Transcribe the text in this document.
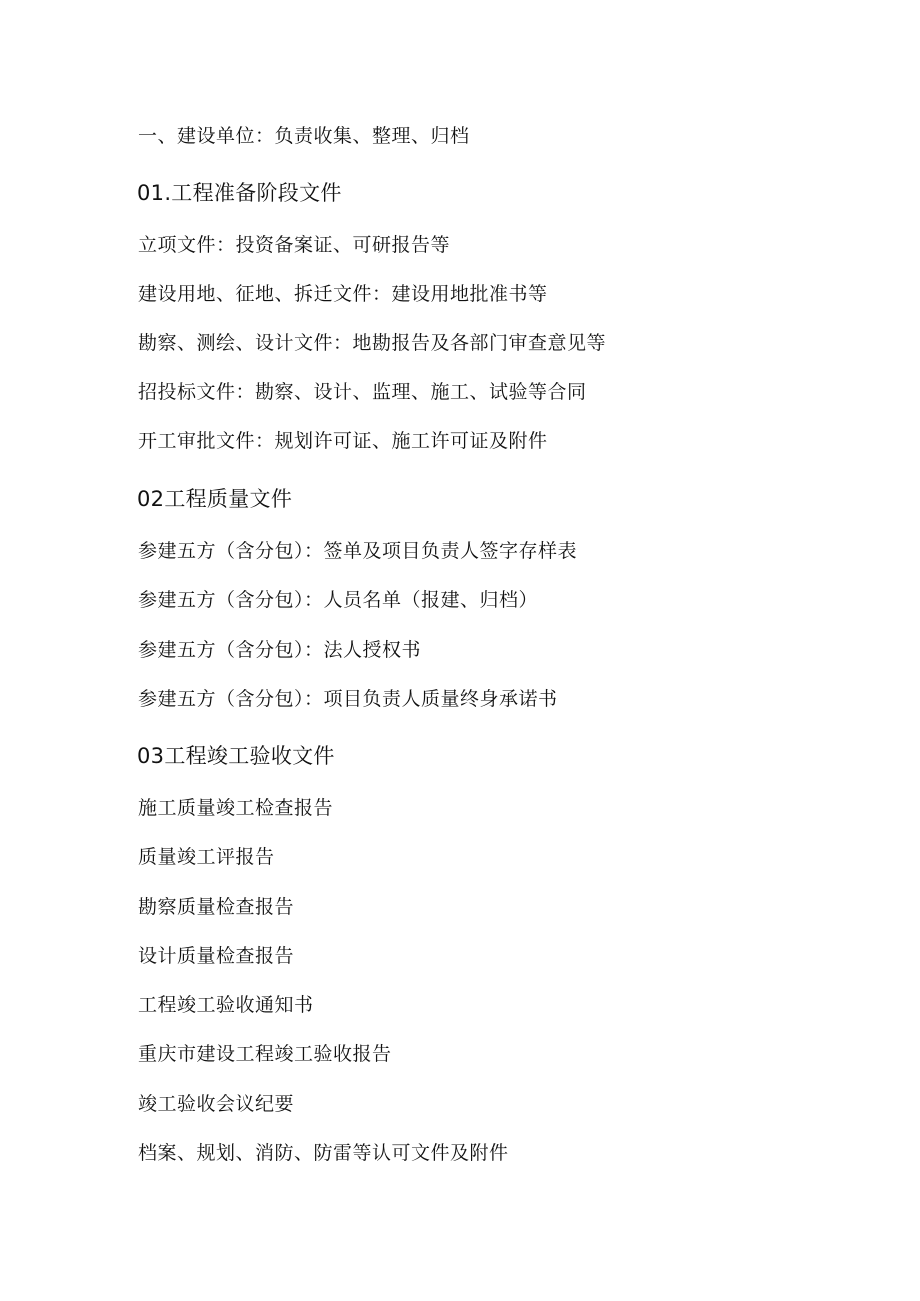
一、建设单位：负责收集、整理、归档
01.工程准备阶段文件
立项文件：投资备案证、可研报告等
建设用地、征地、拆迁文件：建设用地批准书等
勘察、测绘、设计文件：地勘报告及各部门审查意见等
招投标文件：勘察、设计、监理、施工、试验等合同
开工审批文件：规划许可证、施工许可证及附件
02工程质量文件
参建五方（含分包）：签单及项目负责人签字存样表
参建五方（含分包）：人员名单（报建、归档）
参建五方（含分包）：法人授权书
参建五方（含分包）：项目负责人质量终身承诺书
03工程竣工验收文件
施工质量竣工检查报告
质量竣工评报告
勘察质量检查报告
设计质量检查报告
工程竣工验收通知书
重庆市建设工程竣工验收报告
竣工验收会议纪要
档案、规划、消防、防雷等认可文件及附件
